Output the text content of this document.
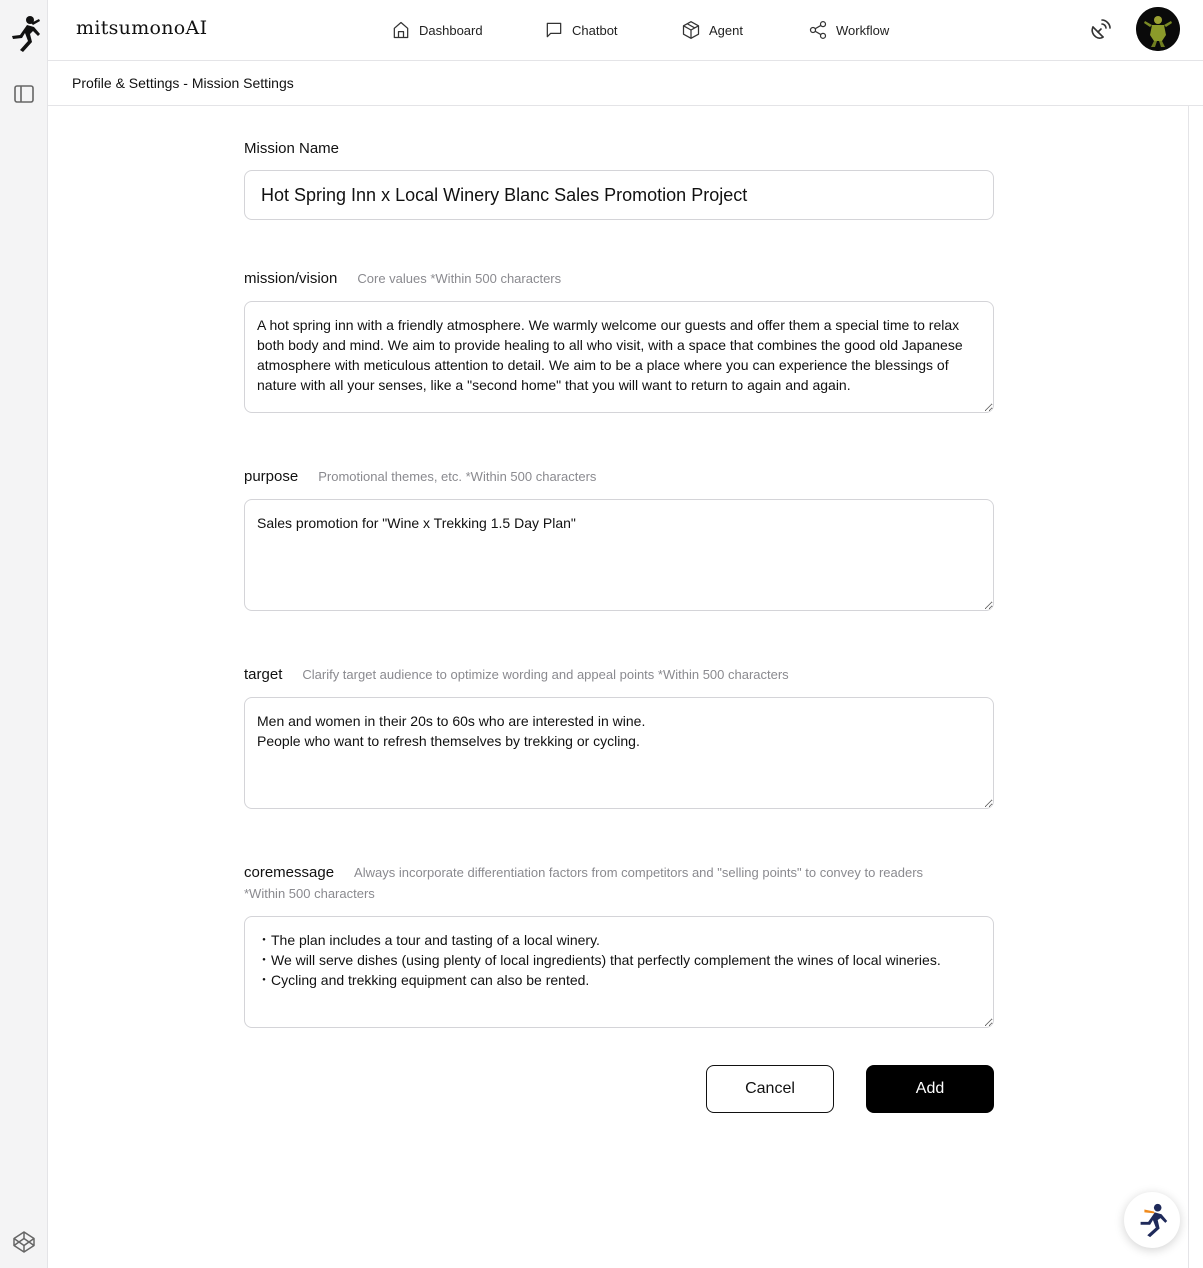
mitsumonoAI	Dashboard	Chatbot	Agent	Workflow
Profile & Settings - Mission Settings
Mission Name
Hot Spring Inn x Local Winery Blanc Sales Promotion Project
mission/vision Core values *Within 500 characters
A hot spring inn with a friendly atmosphere. We warmly welcome our guests and offer them a special time to relax both body and mind. We aim to provide healing to all who visit, with a space that combines the good old Japanese atmosphere with meticulous attention to detail. We aim to be a place where you can experience the blessings of nature with all your senses, like a "second home" that you will want to return to again and again.
purpose Promotional themes, etc. *Within 500 characters
Sales promotion for "Wine x Trekking 1.5 Day Plan"
target Clarify target audience to optimize wording and appeal points *Within 500 characters
Men and women in their 20s to 60s who are interested in wine. People who want to refresh themselves by trekking or cycling.
coremessage Always incorporate differentiation factors from competitors and "selling points" to convey to readers
*Within 500 characters
・The plan includes a tour and tasting of a local winery. ・We will serve dishes (using plenty of local ingredients) that perfectly complement the wines of local wineries. ・Cycling and trekking equipment can also be rented.
Cancel	Add
